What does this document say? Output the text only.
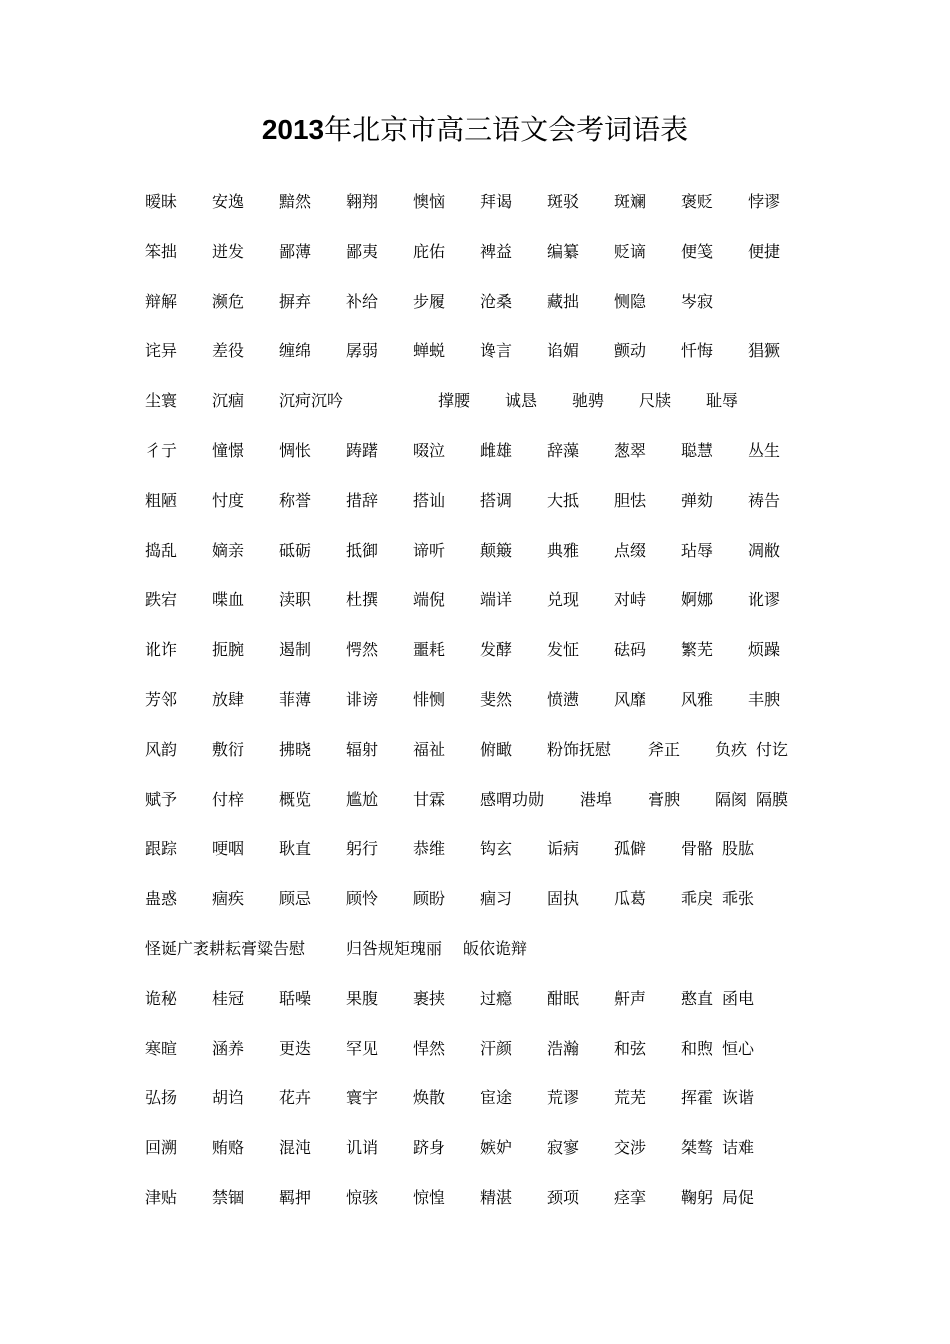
2013年北京市高三语文会考词语表
暧昧 安逸 黯然 翱翔 懊恼 拜谒 斑驳 斑斓 褒贬 悖谬
笨拙 迸发 鄙薄 鄙夷 庇佑 裨益 编纂 贬谪 便笺 便捷
辩解 濒危 摒弃 补给 步履 沧桑 藏拙 恻隐 岑寂
诧异 差役 缠绵 孱弱 蝉蜕 谗言 谄媚 颤动 忏悔 猖獗
尘寰 沉痼 沉疴沉吟	撑腰 诚恳 驰骋 尺牍 耻辱
彳亍 憧憬 惆怅 踌躇 啜泣 雌雄 辞藻 葱翠 聪慧 丛生
粗陋 忖度 称誉 措辞 搭讪 搭调 大抵 胆怯 弹劾 祷告
捣乱 嫡亲 砥砺 抵御 谛听 颠簸 典雅 点缀 玷辱 凋敝
跌宕 喋血 渎职 杜撰 端倪 端详 兑现 对峙 婀娜 讹谬
讹诈 扼腕 遏制 愕然 噩耗 发酵 发怔 砝码 繁芜 烦躁
芳邻 放肆 菲薄 诽谤 悱恻 斐然 愤懑 风靡 风雅 丰腴
风韵 敷衍 拂晓 辐射 福祉 俯瞰 粉饰抚慰 斧正 负疚 付讫
赋予 付梓 概览 尴尬 甘霖 感喟功勋 港埠 膏腴 隔阂 隔膜
跟踪 哽咽 耿直 躬行 恭维 钩玄 诟病 孤僻 骨骼 股肱
蛊惑 痼疾 顾忌 顾怜 顾盼 痼习 固执 瓜葛 乖戾 乖张
怪诞广袤耕耘膏粱告慰	归咎规矩瑰丽 皈依诡辩
诡秘 桂冠 聒噪 果腹 裹挟 过瘾 酣眠 鼾声 憨直 函电
寒暄 涵养 更迭 罕见 悍然 汗颜 浩瀚 和弦 和煦 恒心
弘扬 胡诌 花卉 寰宇 焕散 宦途 荒谬 荒芜 挥霍 诙谐
回溯 贿赂 混沌 讥诮 跻身 嫉妒 寂寥 交涉 桀骜 诘难
津贴 禁锢 羁押 惊骇 惊惶 精湛 颈项 痉挛 鞠躬 局促
